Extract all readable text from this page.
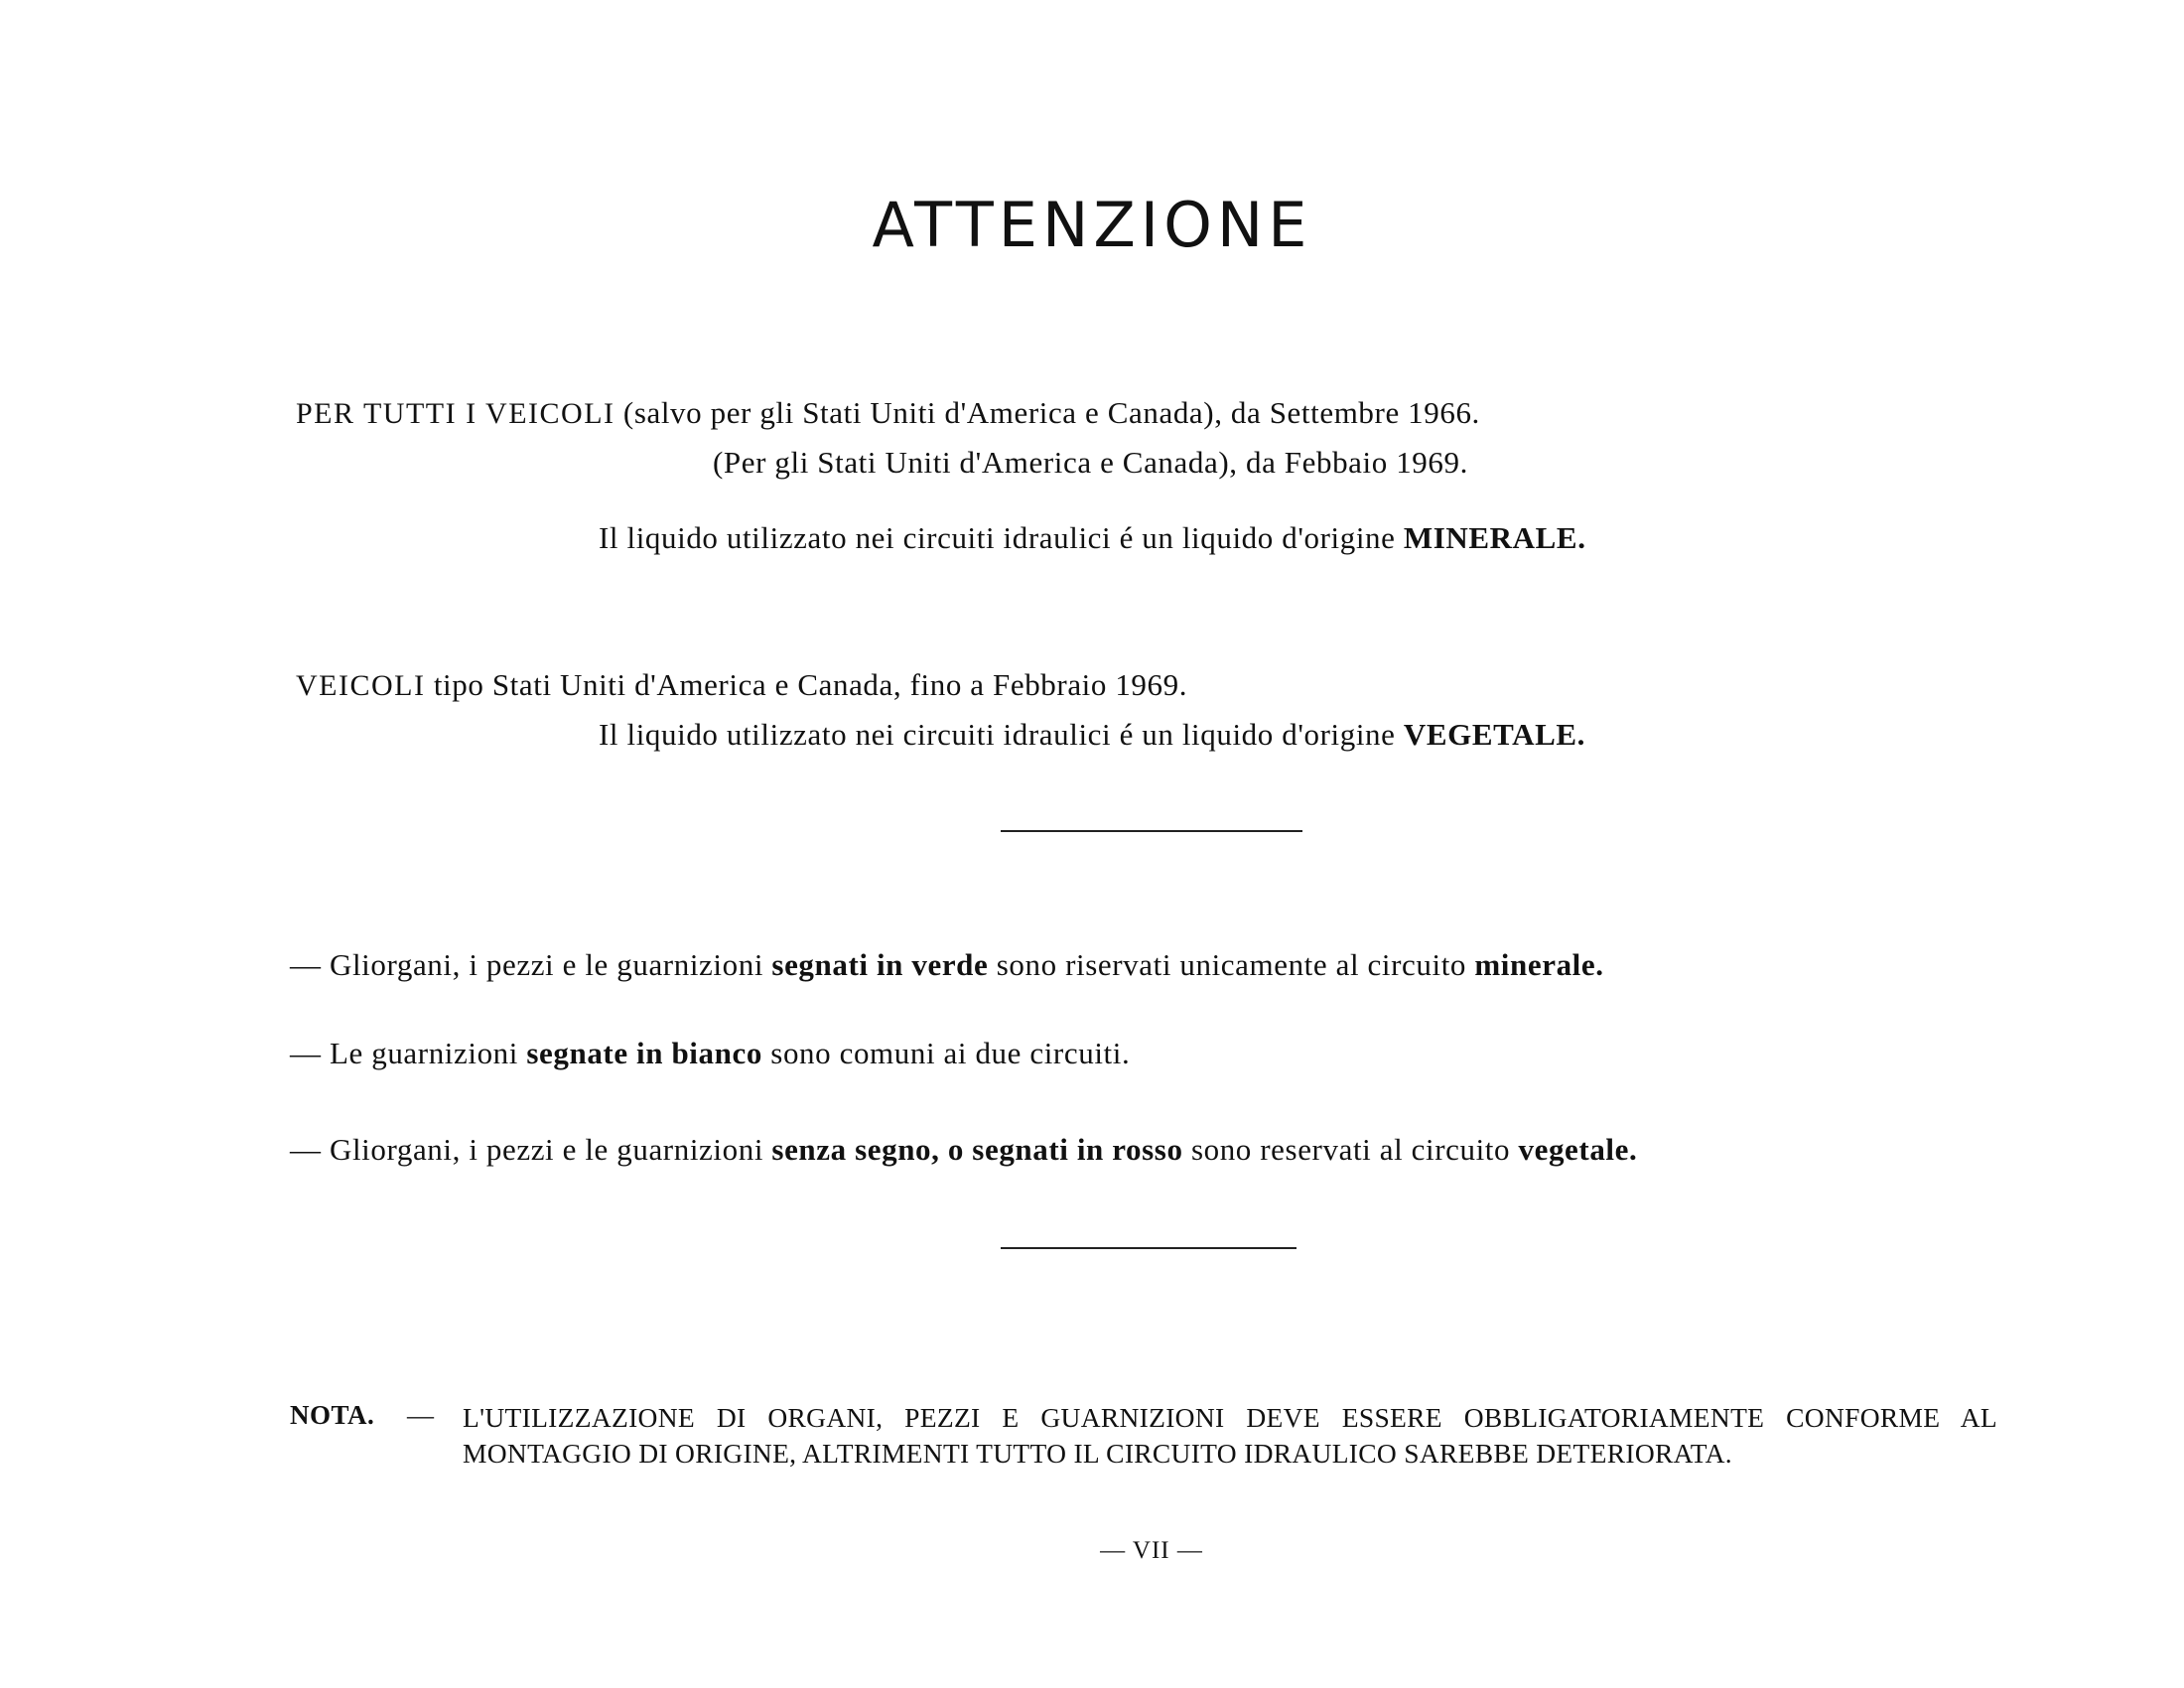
ATTENZIONE
PER TUTTI I VEICOLI (salvo per gli Stati Uniti d'America e Canada), da Settembre 1966.
(Per gli Stati Uniti d'America e Canada), da Febbaio 1969.
Il liquido utilizzato nei circuiti idraulici é un liquido d'origine MINERALE.
VEICOLI tipo Stati Uniti d'America e Canada, fino a Febbraio 1969.
Il liquido utilizzato nei circuiti idraulici é un liquido d'origine VEGETALE.
— Gliorgani, i pezzi e le guarnizioni segnati in verde sono riservati unicamente al circuito minerale.
— Le guarnizioni segnate in bianco sono comuni ai due circuiti.
— Gliorgani, i pezzi e le guarnizioni senza segno, o segnati in rosso sono reservati al circuito vegetale.
NOTA. — L'UTILIZZAZIONE DI ORGANI, PEZZI E GUARNIZIONI DEVE ESSERE OBBLIGATORIAMENTE CONFORME AL MONTAGGIO DI ORIGINE, ALTRIMENTI TUTTO IL CIRCUITO IDRAULICO SAREBBE DETERIORATA.
— VII —
